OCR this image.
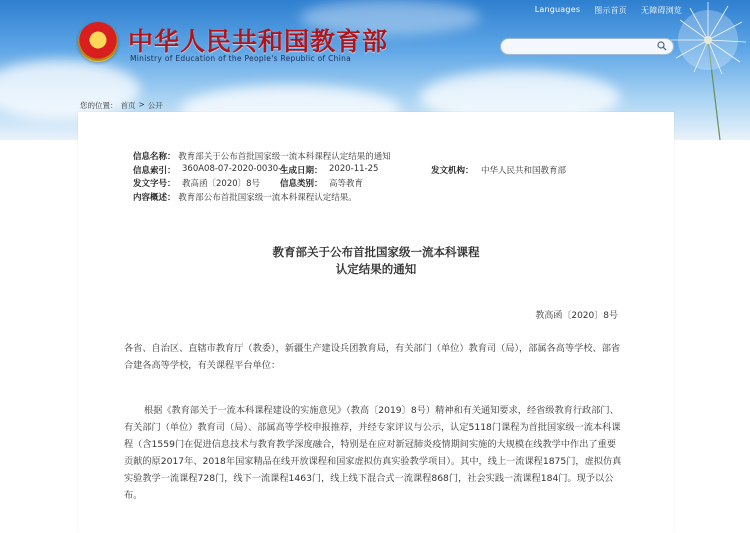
Languages 图示首页 无障碍浏览
中华人民共和国教育部
Ministry of Education of the People's Republic of China
您的位置： 首页 > 公开
信息名称： 教育部关于公布首批国家级一流本科课程认定结果的通知
信息索引： 360A08-07-2020-0030-1
生成日期： 2020-11-25	发文机构： 中华人民共和国教育部
发文字号： 教高函〔2020〕8号 信息类别： 高等教育
内容概述： 教育部公布首批国家级一流本科课程认定结果。
教育部关于公布首批国家级一流本科课程
认定结果的通知
教高函〔2020〕8号

各省、自治区、直辖市教育厅（教委），新疆生产建设兵团教育局，有关部门（单位）教育司（局），部属各高等学校、部省合建各高等学校，有关课程平台单位：

根据《教育部关于一流本科课程建设的实施意见》（教高〔2019〕8号）精神和有关通知要求，经省级教育行政部门、有关部门（单位）教育司（局）、部属高等学校申报推荐，并经专家评议与公示，认定5118门课程为首批国家级一流本科课程（含1559门在促进信息技术与教育教学深度融合，特别是在应对新冠肺炎疫情期间实施的大规模在线教学中作出了重要贡献的原2017年、2018年国家精品在线开放课程和国家虚拟仿真实验教学项目）。其中，线上一流课程1875门，虚拟仿真实验教学一流课程728门，线下一流课程1463门，线上线下混合式一流课程868门，社会实践一流课程184门。现予以公布。
